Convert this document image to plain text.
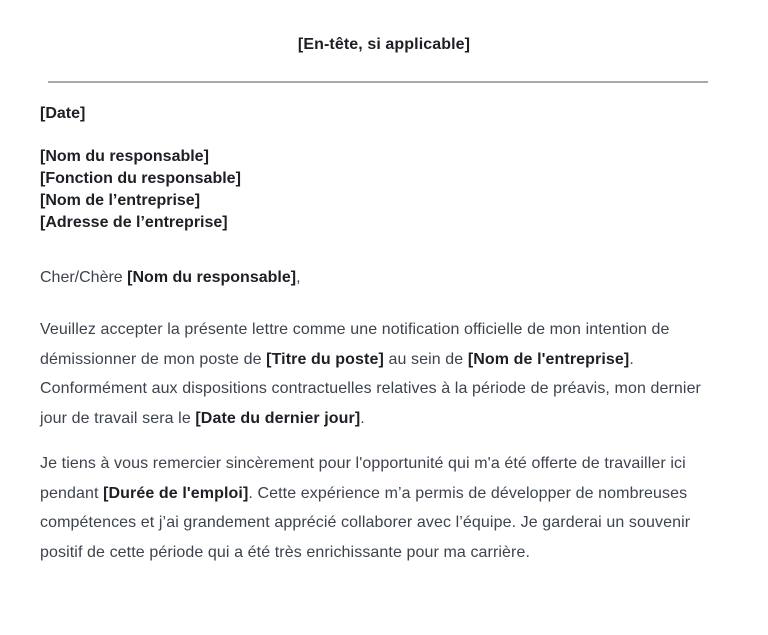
[En-tête, si applicable]
[Date]
[Nom du responsable]
[Fonction du responsable]
[Nom de l’entreprise]
[Adresse de l’entreprise]
Cher/Chère [Nom du responsable],

Veuillez accepter la présente lettre comme une notification officielle de mon intention de démissionner de mon poste de [Titre du poste] au sein de [Nom de l'entreprise]. Conformément aux dispositions contractuelles relatives à la période de préavis, mon dernier jour de travail sera le [Date du dernier jour].

Je tiens à vous remercier sincèrement pour l'opportunité qui m'a été offerte de travailler ici pendant [Durée de l'emploi]. Cette expérience m’a permis de développer de nombreuses compétences et j’ai grandement apprécié collaborer avec l’équipe. Je garderai un souvenir positif de cette période qui a été très enrichissante pour ma carrière.
